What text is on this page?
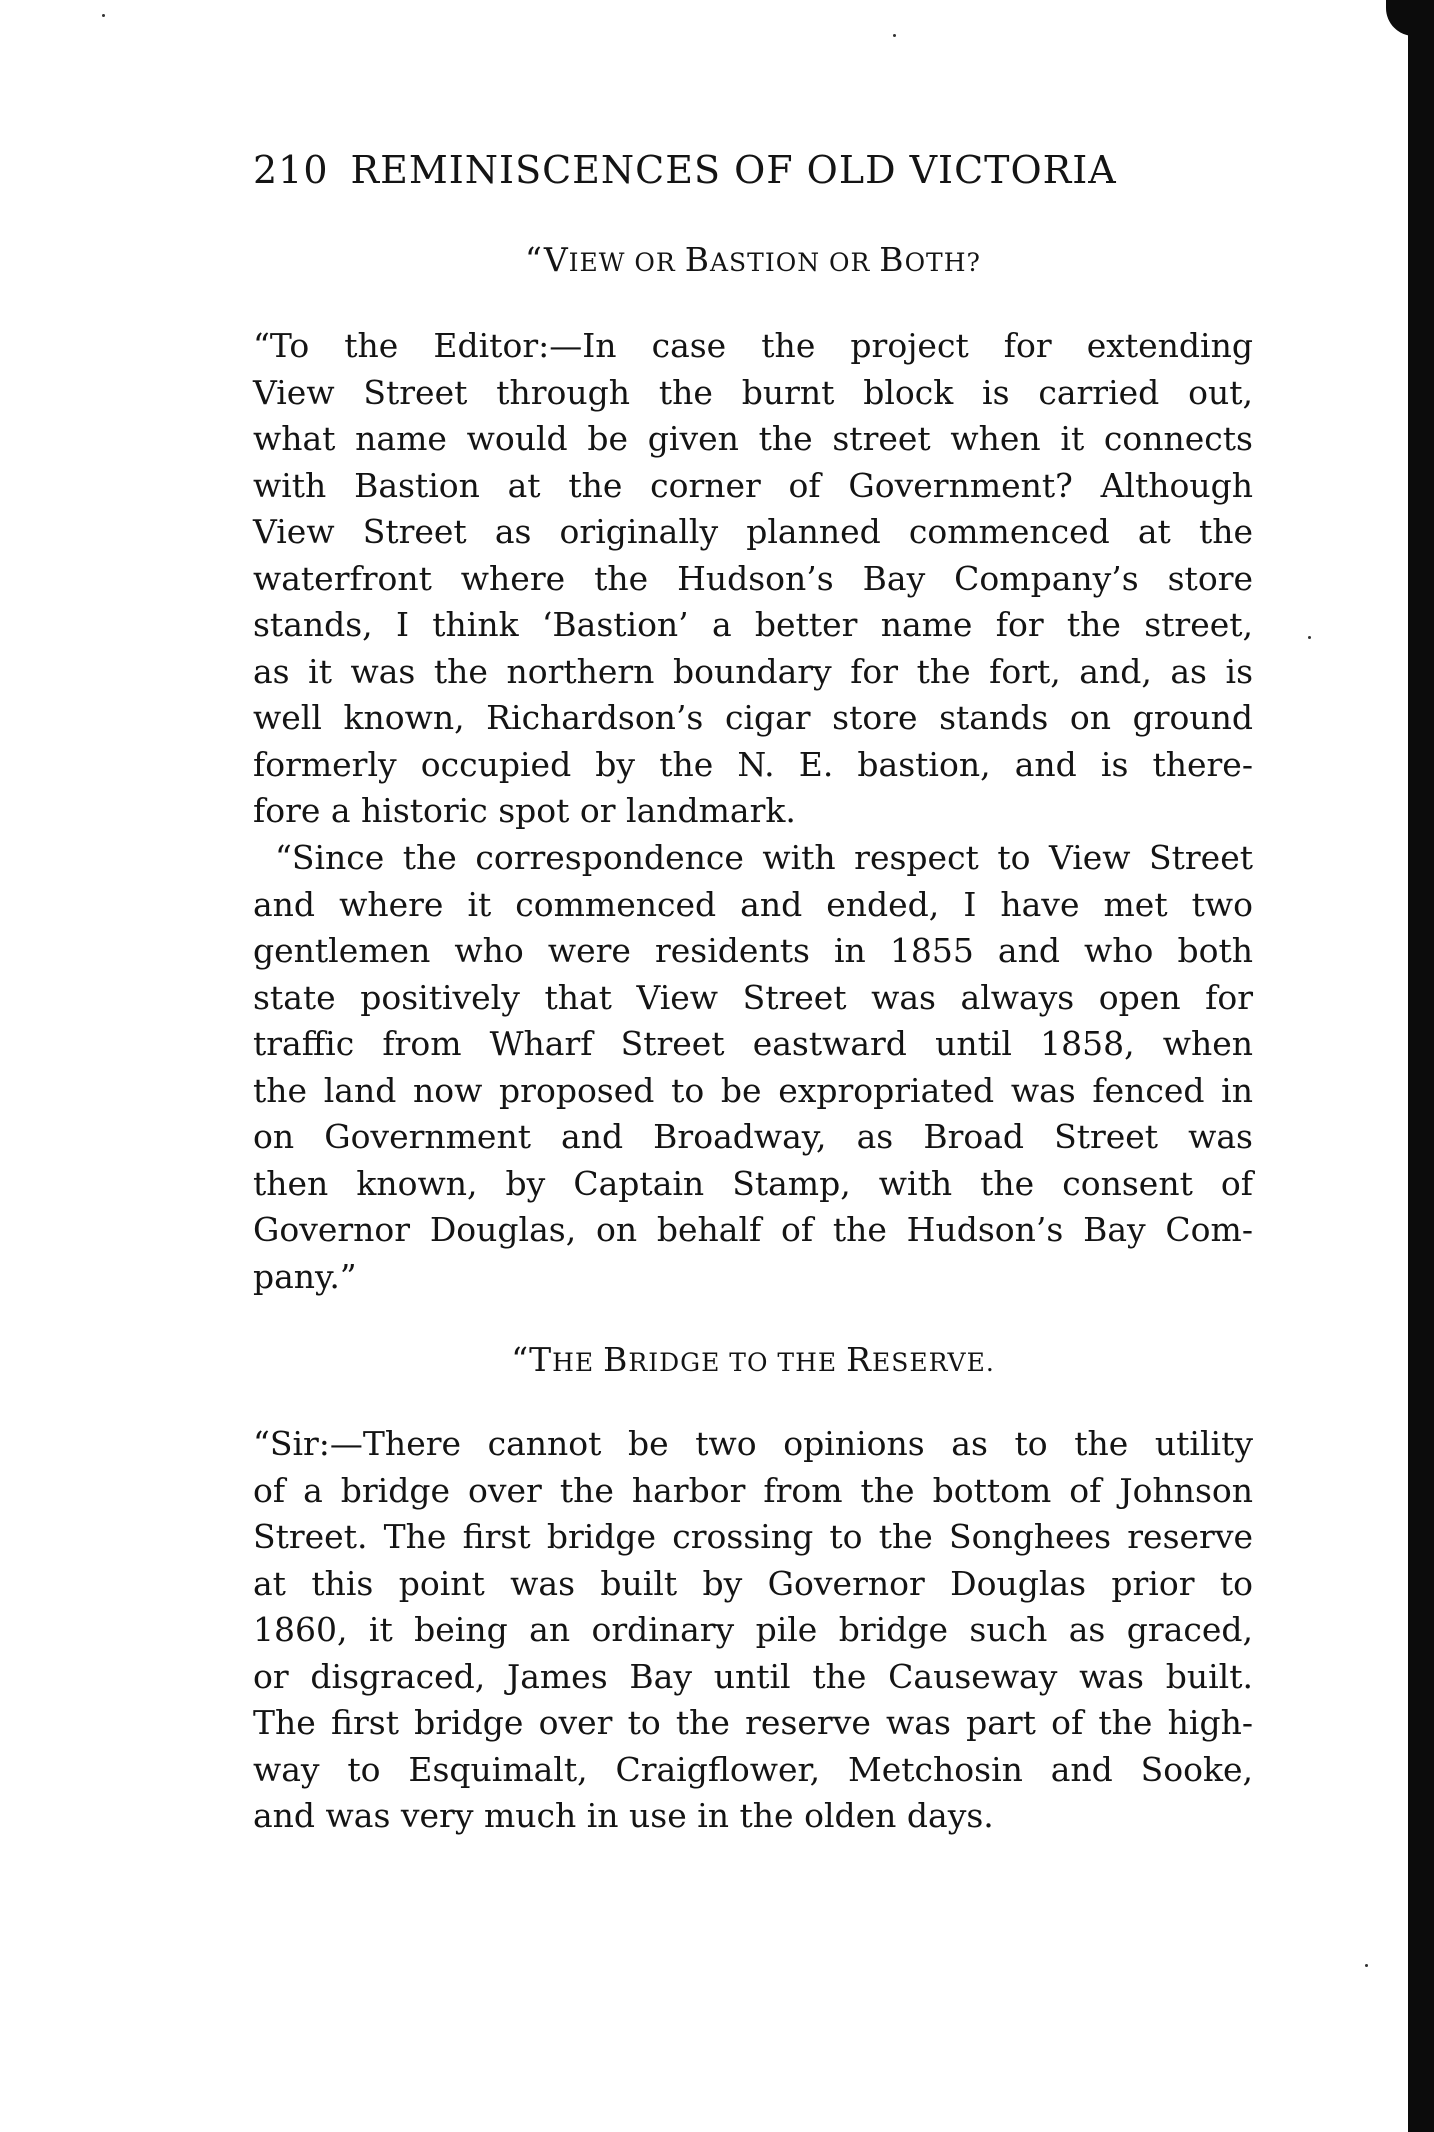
210 REMINISCENCES OF OLD VICTORIA
“VIEW OR BASTION OR BOTH?
“To the Editor:—In case the project for extending
View Street through the burnt block is carried out,
what name would be given the street when it connects
with Bastion at the corner of Government? Although
View Street as originally planned commenced at the
waterfront where the Hudson’s Bay Company’s store
stands, I think ‘Bastion’ a better name for the street,
as it was the northern boundary for the fort, and, as is
well known, Richardson’s cigar store stands on ground
formerly occupied by the N. E. bastion, and is there-
fore a historic spot or landmark.
“Since the correspondence with respect to View Street
and where it commenced and ended, I have met two
gentlemen who were residents in 1855 and who both
state positively that View Street was always open for
traffic from Wharf Street eastward until 1858, when
the land now proposed to be expropriated was fenced in
on Government and Broadway, as Broad Street was
then known, by Captain Stamp, with the consent of
Governor Douglas, on behalf of the Hudson’s Bay Com-
pany.”
“THE BRIDGE TO THE RESERVE.
“Sir:—There cannot be two opinions as to the utility
of a bridge over the harbor from the bottom of Johnson
Street. The first bridge crossing to the Songhees reserve
at this point was built by Governor Douglas prior to
1860, it being an ordinary pile bridge such as graced,
or disgraced, James Bay until the Causeway was built.
The first bridge over to the reserve was part of the high-
way to Esquimalt, Craigflower, Metchosin and Sooke,
and was very much in use in the olden days.
